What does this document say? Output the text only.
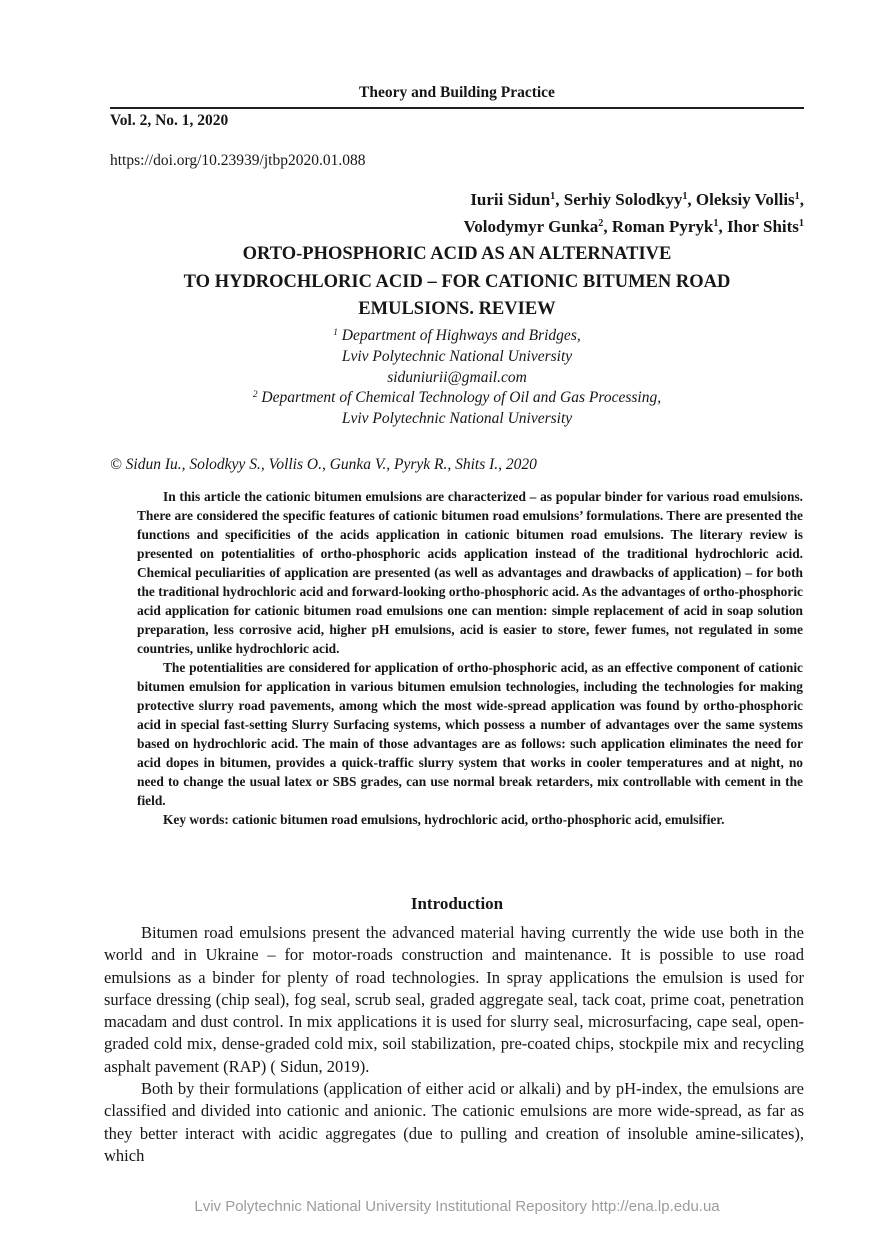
Theory and Building Practice
Vol. 2, No. 1, 2020
https://doi.org/10.23939/jtbp2020.01.088
Iurii Sidun$^1$, Serhiy Solodkyy$^1$, Oleksiy Vollis$^1$,
Volodymyr Gunka$^2$, Roman Pyryk$^1$, Ihor Shits$^1$
ORTO-PHOSPHORIC ACID AS AN ALTERNATIVE
TO HYDROCHLORIC ACID – FOR CATIONIC BITUMEN ROAD
EMULSIONS. REVIEW
$^1$ Department of Highways and Bridges,
Lviv Polytechnic National University
siduniurii@gmail.com
$^2$ Department of Chemical Technology of Oil and Gas Processing,
Lviv Polytechnic National University
© Sidun Iu., Solodkyy S., Vollis O., Gunka V., Pyryk R., Shits I., 2020

In this article the cationic bitumen emulsions are characterized – as popular binder for various road emulsions. There are considered the specific features of cationic bitumen road emulsions’ formulations. There are presented the functions and specificities of the acids application in cationic bitumen road emulsions. The literary review is presented on potentialities of ortho-phosphoric acids application instead of the traditional hydrochloric acid. Chemical peculiarities of application are presented (as well as advantages and drawbacks of application) – for both the traditional hydrochloric acid and forward-looking ortho-phosphoric acid. As the advantages of ortho-phosphoric acid application for cationic bitumen road emulsions one can mention: simple replacement of acid in soap solution preparation, less corrosive acid, higher pH emulsions, acid is easier to store, fewer fumes, not regulated in some countries, unlike hydrochloric acid.

The potentialities are considered for application of ortho-phosphoric acid, as an effective component of cationic bitumen emulsion for application in various bitumen emulsion technologies, including the technologies for making protective slurry road pavements, among which the most wide-spread application was found by ortho-phosphoric acid in special fast-setting Slurry Surfacing systems, which possess a number of advantages over the same systems based on hydrochloric acid. The main of those advantages are as follows: such application eliminates the need for acid dopes in bitumen, provides a quick-traffic slurry system that works in cooler temperatures and at night, no need to change the usual latex or SBS grades, can use normal break retarders, mix controllable with cement in the field.

Key words: cationic bitumen road emulsions, hydrochloric acid, ortho-phosphoric acid, emulsifier.

Introduction

Bitumen road emulsions present the advanced material having currently the wide use both in the world and in Ukraine – for motor-roads construction and maintenance. It is possible to use road emulsions as a binder for plenty of road technologies. In spray applications the emulsion is used for surface dressing (chip seal), fog seal, scrub seal, graded aggregate seal, tack coat, prime coat, penetration macadam and dust control. In mix applications it is used for slurry seal, microsurfacing, cape seal, open-graded cold mix, dense-graded cold mix, soil stabilization, pre-coated chips, stockpile mix and recycling asphalt pavement (RAP) ( Sidun, 2019).

Both by their formulations (application of either acid or alkali) and by pH-index, the emulsions are classified and divided into cationic and anionic. The cationic emulsions are more wide-spread, as far as they better interact with acidic aggregates (due to pulling and creation of insoluble amine-silicates), which

Lviv Polytechnic National University Institutional Repository http://ena.lp.edu.ua
